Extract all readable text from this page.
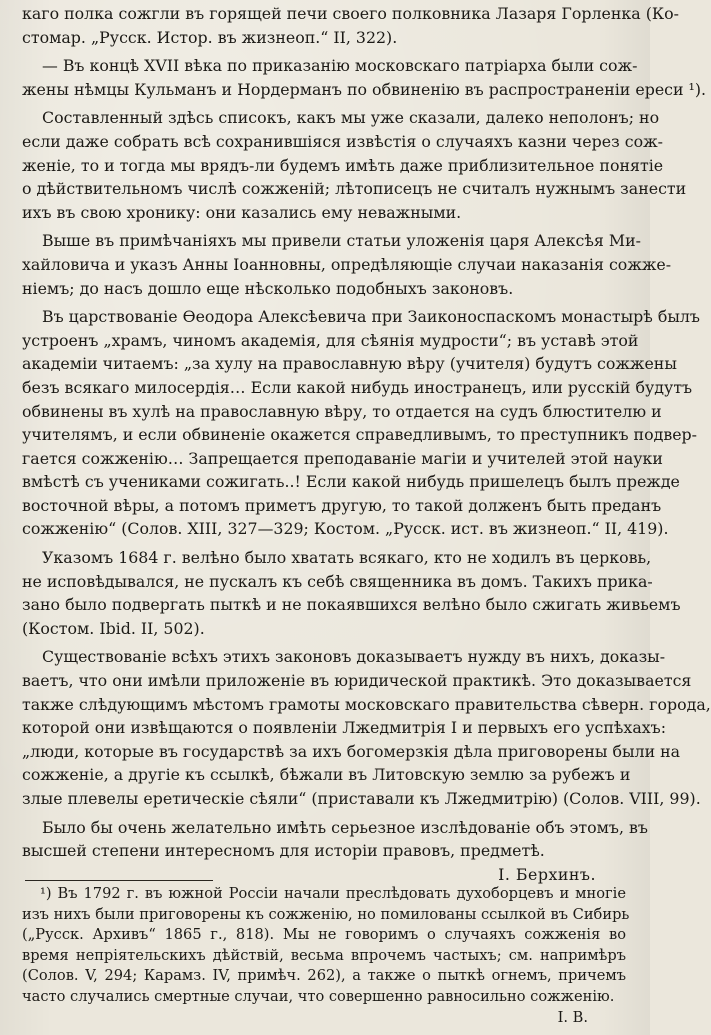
каго полка сожгли въ горящей печи своего полковника Лазаря Горленка (Ко-
стомар. „Русск. Истор. въ жизнеоп.“ II, 322).
— Въ концѣ XVII вѣка по приказанію московскаго патріарха были сож-
жены нѣмцы Кульманъ и Нордерманъ по обвиненію въ распространеніи ереси ¹).
Составленный здѣсь списокъ, какъ мы уже сказали, далеко неполонъ; но
если даже собрать всѣ сохранившіяся извѣстія о случаяхъ казни через сож-
женіе, то и тогда мы врядъ-ли будемъ имѣть даже приблизительное понятіе
о дѣйствительномъ числѣ сожженій; лѣтописецъ не считалъ нужнымъ занести
ихъ въ свою хронику: они казались ему неважными.
Выше въ примѣчаніяхъ мы привели статьи уложенія царя Алексѣя Ми-
хайловича и указъ Анны Іоанновны, опредѣляющіе случаи наказанія сожже-
ніемъ; до насъ дошло еще нѣсколько подобныхъ законовъ.
Въ царствованіе Ѳеодора Алексѣевича при Заиконоспаскомъ монастырѣ былъ
устроенъ „храмъ, чиномъ академія, для сѣянія мудрости“; въ уставѣ этой
академіи читаемъ: „за хулу на православную вѣру (учителя) будутъ сожжены
безъ всякаго милосердія… Если какой нибудь иностранецъ, или русскій будутъ
обвинены въ хулѣ на православную вѣру, то отдается на судъ блюстителю и
учителямъ, и если обвиненіе окажется справедливымъ, то преступникъ подвер-
гается сожженію… Запрещается преподаваніе магіи и учителей этой науки
вмѣстѣ съ учениками сожигать..! Если какой нибудь пришелецъ былъ прежде
восточной вѣры, а потомъ приметъ другую, то такой долженъ быть преданъ
сожженію“ (Солов. XIII, 327—329; Костом. „Русск. ист. въ жизнеоп.“ II, 419).
Указомъ 1684 г. велѣно было хватать всякаго, кто не ходилъ въ церковь,
не исповѣдывался, не пускалъ къ себѣ священника въ домъ. Такихъ прика-
зано было подвергать пыткѣ и не покаявшихся велѣно было сжигать живьемъ
(Костом. Ibid. II, 502).
Существованіе всѣхъ этихъ законовъ доказываетъ нужду въ нихъ, доказы-
ваетъ, что они имѣли приложеніе въ юридической практикѣ. Это доказывается
также слѣдующимъ мѣстомъ грамоты московскаго правительства сѣверн. города,
которой они извѣщаются о появленіи Лжедмитрія I и первыхъ его успѣхахъ:
„люди, которые въ государствѣ за ихъ богомерзкія дѣла приговорены были на
сожженіе, а другіе къ ссылкѣ, бѣжали въ Литовскую землю за рубежъ и
злые плевелы еретическіе сѣяли“ (приставали къ Лжедмитрію) (Солов. VIII, 99).
Было бы очень желательно имѣть серьезное изслѣдованіе объ этомъ, въ
высшей степени интересномъ для исторіи правовъ, предметѣ.
I. Берхинъ.
¹) Въ 1792 г. въ южной Россіи начали преслѣдовать духоборцевъ и многіе
изъ нихъ были приговорены къ сожженію, но помилованы ссылкой въ Сибирь
(„Русск. Архивъ“ 1865 г., 818). Мы не говоримъ о случаяхъ сожженія во
время непріятельскихъ дѣйствій, весьма впрочемъ частыхъ; см. напримѣръ
(Солов. V, 294; Карамз. IV, примѣч. 262), а также о пыткѣ огнемъ, причемъ
часто случались смертные случаи, что совершенно равносильно сожженію.
I. В.
